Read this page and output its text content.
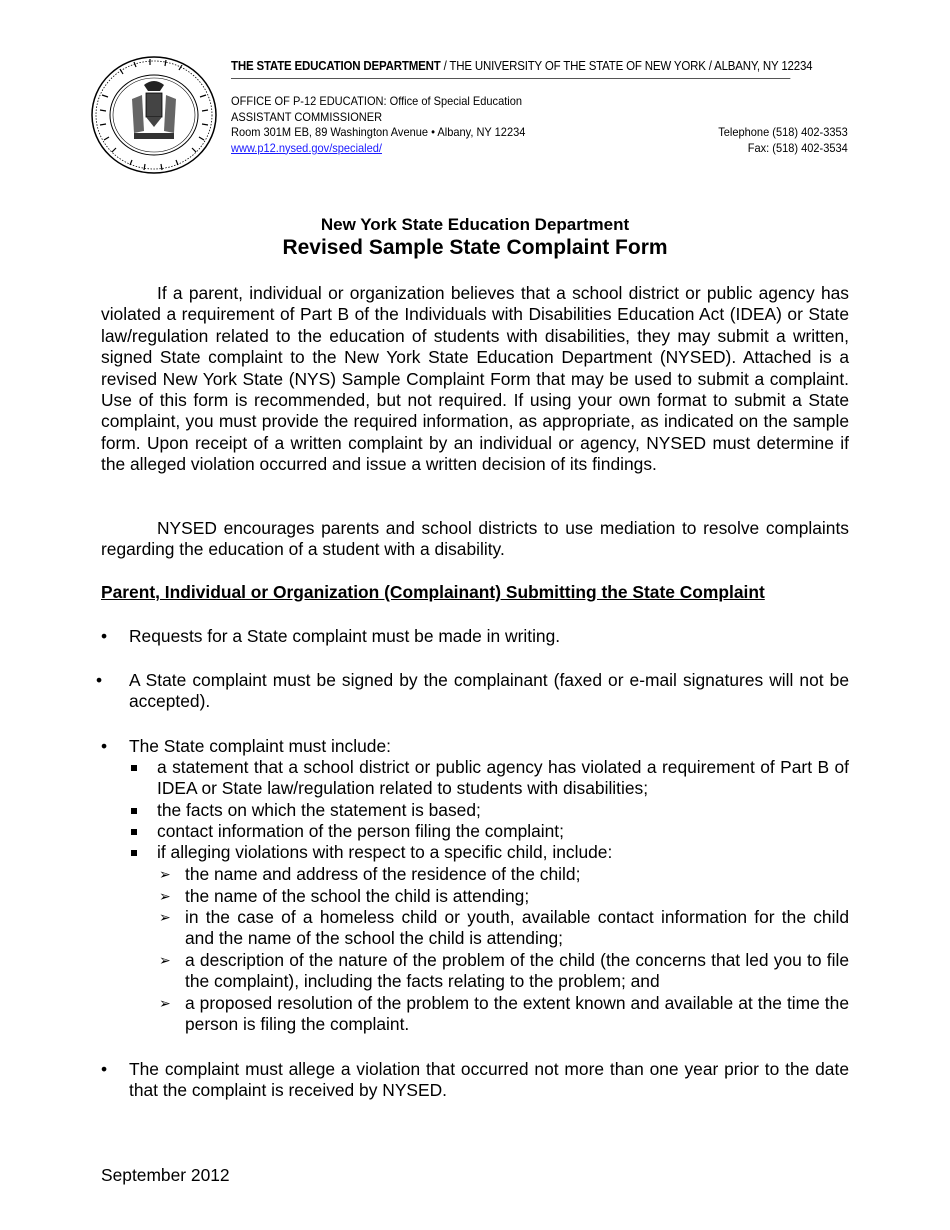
THE STATE EDUCATION DEPARTMENT / THE UNIVERSITY OF THE STATE OF NEW YORK / ALBANY, NY 12234
OFFICE OF P-12 EDUCATION: Office of Special Education
ASSISTANT COMMISSIONER
Room 301M EB, 89 Washington Avenue • Albany, NY 12234
www.p12.nysed.gov/specialed/
Telephone (518) 402-3353
Fax: (518) 402-3534
New York State Education Department
Revised Sample State Complaint Form
If a parent, individual or organization believes that a school district or public agency has violated a requirement of Part B of the Individuals with Disabilities Education Act (IDEA) or State law/regulation related to the education of students with disabilities, they may submit a written, signed State complaint to the New York State Education Department (NYSED). Attached is a revised New York State (NYS) Sample Complaint Form that may be used to submit a complaint. Use of this form is recommended, but not required. If using your own format to submit a State complaint, you must provide the required information, as appropriate, as indicated on the sample form. Upon receipt of a written complaint by an individual or agency, NYSED must determine if the alleged violation occurred and issue a written decision of its findings.
NYSED encourages parents and school districts to use mediation to resolve complaints regarding the education of a student with a disability.
Parent, Individual or Organization (Complainant) Submitting the State Complaint
• Requests for a State complaint must be made in writing.
• A State complaint must be signed by the complainant (faxed or e-mail signatures will not be accepted).
• The State complaint must include:
a statement that a school district or public agency has violated a requirement of Part B of IDEA or State law/regulation related to students with disabilities;
the facts on which the statement is based;
contact information of the person filing the complaint;
if alleging violations with respect to a specific child, include:
➢ the name and address of the residence of the child;
➢ the name of the school the child is attending;
➢ in the case of a homeless child or youth, available contact information for the child and the name of the school the child is attending;
➢ a description of the nature of the problem of the child (the concerns that led you to file the complaint), including the facts relating to the problem; and
➢ a proposed resolution of the problem to the extent known and available at the time the person is filing the complaint.
• The complaint must allege a violation that occurred not more than one year prior to the date that the complaint is received by NYSED.
September 2012
